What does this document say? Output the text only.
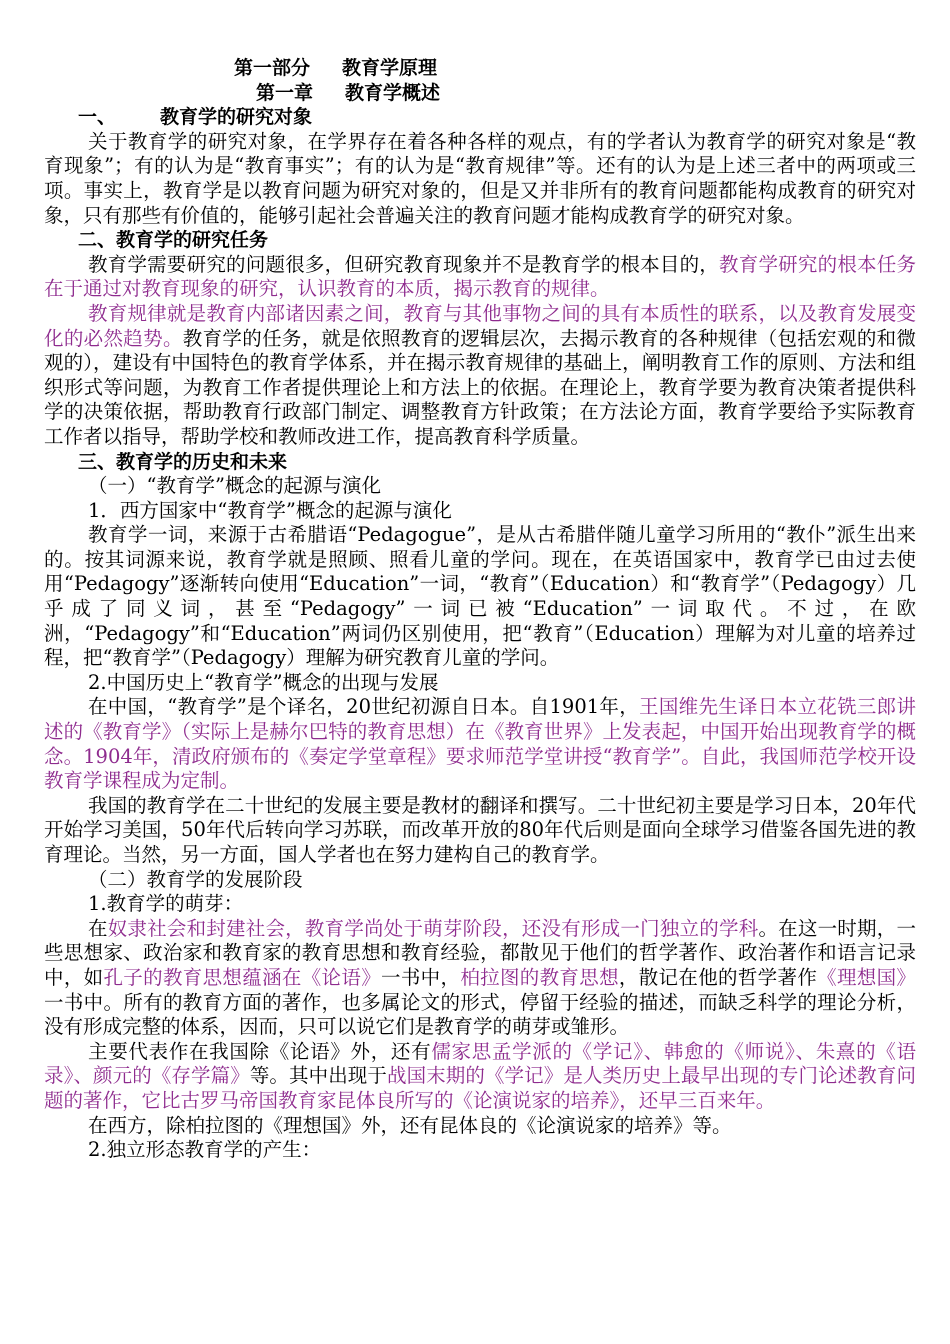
第一部分 教育学原理
第一章 教育学概述
一、 教育学的研究对象

关于教育学的研究对象，在学界存在着各种各样的观点，有的学者认为教育学的研究对象是“教育现象”；有的认为是“教育事实”；有的认为是“教育规律”等。还有的认为是上述三者中的两项或三项。事实上，教育学是以教育问题为研究对象的，但是又并非所有的教育问题都能构成教育的研究对象，只有那些有价值的，能够引起社会普遍关注的教育问题才能构成教育学的研究对象。

二、教育学的研究任务

教育学需要研究的问题很多，但研究教育现象并不是教育学的根本目的，教育学研究的根本任务在于通过对教育现象的研究，认识教育的本质，揭示教育的规律。

教育规律就是教育内部诸因素之间，教育与其他事物之间的具有本质性的联系，以及教育发展变化的必然趋势。教育学的任务，就是依照教育的逻辑层次，去揭示教育的各种规律（包括宏观的和微观的），建设有中国特色的教育学体系，并在揭示教育规律的基础上，阐明教育工作的原则、方法和组织形式等问题，为教育工作者提供理论上和方法上的依据。在理论上，教育学要为教育决策者提供科学的决策依据，帮助教育行政部门制定、调整教育方针政策；在方法论方面，教育学要给予实际教育工作者以指导，帮助学校和教师改进工作，提高教育科学质量。

三、教育学的历史和未来
（一）“教育学”概念的起源与演化
1．西方国家中“教育学”概念的起源与演化

教育学一词，来源于古希腊语“Pedagogue”，是从古希腊伴随儿童学习所用的“教仆”派生出来的。按其词源来说，教育学就是照顾、照看儿童的学问。现在，在英语国家中，教育学已由过去使用“Pedagogy”逐渐转向使用“Education”一词，“教育”（Education）和“教育学”（Pedagogy）几乎成了同义词，甚至“Pedagogy”一词已被“Education”一词取代。不过，在欧洲，“Pedagogy”和“Education”两词仍区别使用，把“教育”（Education）理解为对儿童的培养过程，把“教育学”（Pedagogy）理解为研究教育儿童的学问。

2.中国历史上“教育学”概念的出现与发展

在中国，“教育学”是个译名，20世纪初源自日本。自1901年，王国维先生译日本立花铣三郎讲述的《教育学》（实际上是赫尔巴特的教育思想）在《教育世界》上发表起，中国开始出现教育学的概念。1904年，清政府颁布的《奏定学堂章程》要求师范学堂讲授“教育学”。自此，我国师范学校开设教育学课程成为定制。

我国的教育学在二十世纪的发展主要是教材的翻译和撰写。二十世纪初主要是学习日本，20年代开始学习美国，50年代后转向学习苏联，而改革开放的80年代后则是面向全球学习借鉴各国先进的教育理论。当然，另一方面，国人学者也在努力建构自己的教育学。

（二）教育学的发展阶段
1.教育学的萌芽：

在奴隶社会和封建社会，教育学尚处于萌芽阶段，还没有形成一门独立的学科。在这一时期，一些思想家、政治家和教育家的教育思想和教育经验，都散见于他们的哲学著作、政治著作和语言记录中，如孔子的教育思想蕴涵在《论语》一书中，柏拉图的教育思想，散记在他的哲学著作《理想国》一书中。所有的教育方面的著作，也多属论文的形式，停留于经验的描述，而缺乏科学的理论分析，没有形成完整的体系，因而，只可以说它们是教育学的萌芽或雏形。

主要代表作在我国除《论语》外，还有儒家思孟学派的《学记》、韩愈的《师说》、朱熹的《语录》、颜元的《存学篇》等。其中出现于战国末期的《学记》是人类历史上最早出现的专门论述教育问题的著作，它比古罗马帝国教育家昆体良所写的《论演说家的培养》，还早三百来年。

在西方，除柏拉图的《理想国》外，还有昆体良的《论演说家的培养》等。

2.独立形态教育学的产生：
